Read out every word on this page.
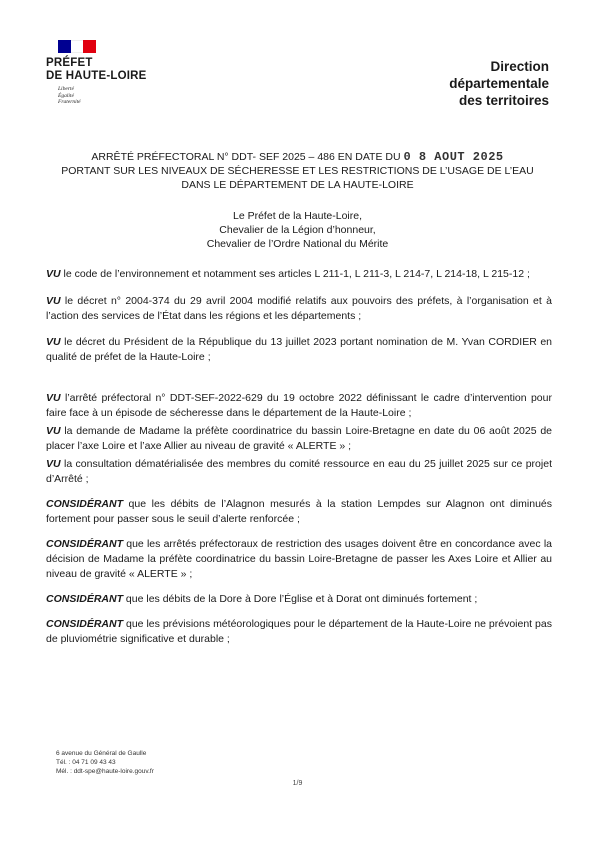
PRÉFET
DE HAUTE-LOIRE
Liberté
Égalité
Fraternité
Direction
départementale
des territoires
ARRÊTÉ PRÉFECTORAL N° DDT- SEF 2025 – 486 EN DATE DU 0 8 AOUT 2025
PORTANT SUR LES NIVEAUX DE SÉCHERESSE ET LES RESTRICTIONS DE L’USAGE DE L’EAU
DANS LE DÉPARTEMENT DE LA HAUTE-LOIRE
Le Préfet de la Haute-Loire,
Chevalier de la Légion d’honneur,
Chevalier de l’Ordre National du Mérite

VU le code de l’environnement et notamment ses articles L 211-1, L 211-3, L 214-7, L 214-18, L 215-12 ;

VU le décret n° 2004-374 du 29 avril 2004 modifié relatifs aux pouvoirs des préfets, à l’organisation et à l’action des services de l’État dans les régions et les départements ;

VU le décret du Président de la République du 13 juillet 2023 portant nomination de M. Yvan CORDIER en qualité de préfet de la Haute-Loire ;

VU l’arrêté préfectoral n° DDT-SEF-2022-629 du 19 octobre 2022 définissant le cadre d’intervention pour faire face à un épisode de sécheresse dans le département de la Haute-Loire ;

VU la demande de Madame la préfète coordinatrice du bassin Loire-Bretagne en date du 06 août 2025 de placer l’axe Loire et l’axe Allier au niveau de gravité « ALERTE » ;

VU la consultation dématérialisée des membres du comité ressource en eau du 25 juillet 2025 sur ce projet d’Arrêté ;

CONSIDÉRANT que les débits de l’Alagnon mesurés à la station Lempdes sur Alagnon ont diminués fortement pour passer sous le seuil d’alerte renforcée ;

CONSIDÉRANT que les arrêtés préfectoraux de restriction des usages doivent être en concordance avec la décision de Madame la préfète coordinatrice du bassin Loire-Bretagne de passer les Axes Loire et Allier au niveau de gravité « ALERTE » ;

CONSIDÉRANT que les débits de la Dore à Dore l’Église et à Dorat ont diminués fortement ;

CONSIDÉRANT que les prévisions météorologiques pour le département de la Haute-Loire ne prévoient pas de pluviométrie significative et durable ;

6 avenue du Général de Gaulle
Tél. : 04 71 09 43 43
Mél. : ddt-spe@haute-loire.gouv.fr
1/9
